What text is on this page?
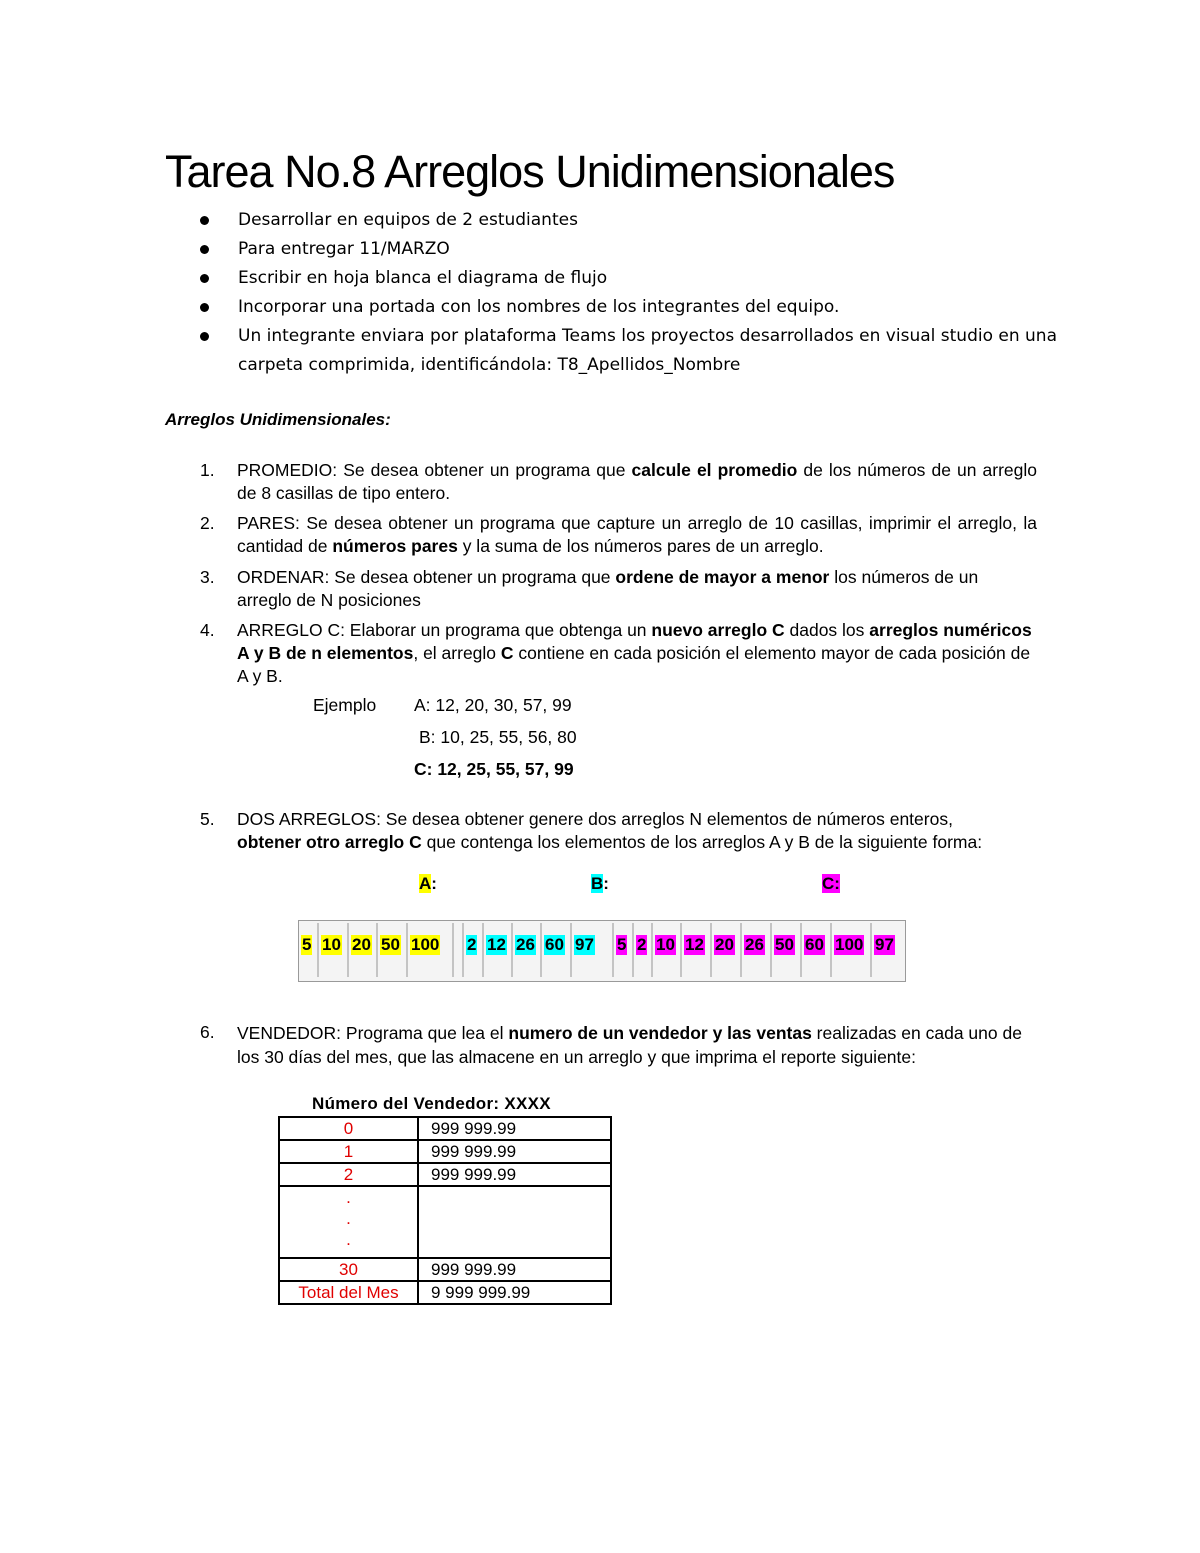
Tarea No.8 Arreglos Unidimensionales
Desarrollar en equipos de 2 estudiantes
Para entregar 11/MARZO
Escribir en hoja blanca el diagrama de flujo
Incorporar una portada con los nombres de los integrantes del equipo.
Un integrante enviara por plataforma Teams los proyectos desarrollados en visual studio en una carpeta comprimida, identificándola: T8_Apellidos_Nombre
Arreglos Unidimensionales:
1. PROMEDIO: Se desea obtener un programa que calcule el promedio de los números de un arreglo de 8 casillas de tipo entero.
2. PARES: Se desea obtener un programa que capture un arreglo de 10 casillas, imprimir el arreglo, la cantidad de números pares y la suma de los números pares de un arreglo.
3. ORDENAR: Se desea obtener un programa que ordene de mayor a menor los números de un arreglo de N posiciones
4. ARREGLO C: Elaborar un programa que obtenga un nuevo arreglo C dados los arreglos numéricos A y B de n elementos, el arreglo C contiene en cada posición el elemento mayor de cada posición de A y B.
Ejemplo A: 12, 20, 30, 57, 99
B: 10, 25, 55, 56, 80
C: 12, 25, 55, 57, 99
5. DOS ARREGLOS: Se desea obtener genere dos arreglos N elementos de números enteros, obtener otro arreglo C que contenga los elementos de los arreglos A y B de la siguiente forma:
A:	B:	C:
5 10 20 50 100 2 12 26 60 97 5 2 10 12 20 26 50 60 100 97
6. VENDEDOR: Programa que lea el numero de un vendedor y las ventas realizadas en cada uno de los 30 días del mes, que las almacene en un arreglo y que imprima el reporte siguiente:
Número del Vendedor: XXXX
0	999 999.99
1	999 999.99
2	999 999.99
.
.
.	
30	999 999.99
Total del Mes	9 999 999.99
